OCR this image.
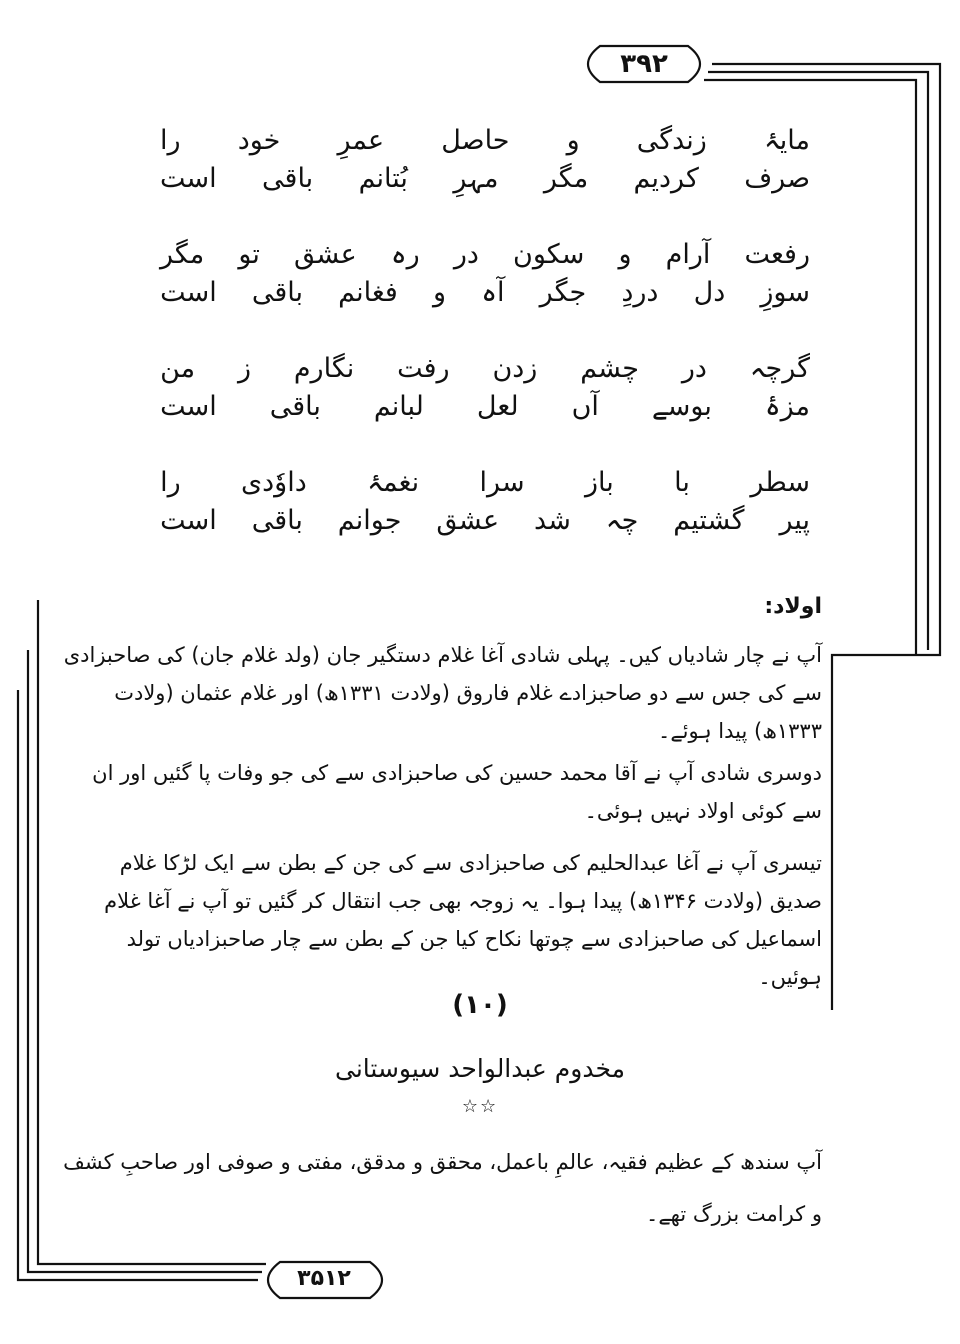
۳۹۲
مایۂ
زندگی
و
حاصل
عمرِ
خود
را
صرف
کردیم
مگر
مہرِ
بُتانم
باقی
است
رفعت
آرام
و
سکون
در
رہ
عشق
تو
مگر
سوزِ
دل
دردِ
جگر
آہ
و
فغانم
باقی
است
گرچہ
در
چشم
زدن
رفت
نگارم
ز
من
مزۂ
بوسے
آں
لعل
لبانم
باقی
است
سطر
با
باز
سرا
نغمۂ
داوٗدی
را
پیر
گشتیم
چہ
شد
عشق
جوانم
باقی
است
اولاد:

آپ نے چار شادیاں کیں۔ پہلی شادی آغا غلام دستگیر جان (ولد غلام جان) کی صاحبزادی سے کی جس سے دو صاحبزادے غلام فاروق (ولادت ۱۳۳۱ھ) اور غلام عثمان (ولادت ۱۳۳۳ھ) پیدا ہوئے۔

دوسری شادی آپ نے آقا محمد حسین کی صاحبزادی سے کی جو وفات پا گئیں اور ان سے کوئی اولاد نہیں ہوئی۔

تیسری آپ نے آغا عبدالحلیم کی صاحبزادی سے کی جن کے بطن سے ایک لڑکا غلام صدیق (ولادت ۱۳۴۶ھ) پیدا ہوا۔ یہ زوجہ بھی جب انتقال کر گئیں تو آپ نے آغا غلام اسماعیل کی صاحبزادی سے چوتھا نکاح کیا جن کے بطن سے چار صاحبزادیاں تولد ہوئیں۔

(۱۰)
مخدوم عبدالواحد سیوستانی
☆☆
آپ سندھ کے عظیم فقیہ، عالمِ باعمل، محقق و مدقق، مفتی و صوفی اور صاحبِ کشف و کرامت بزرگ تھے۔
۳۵۱۲
